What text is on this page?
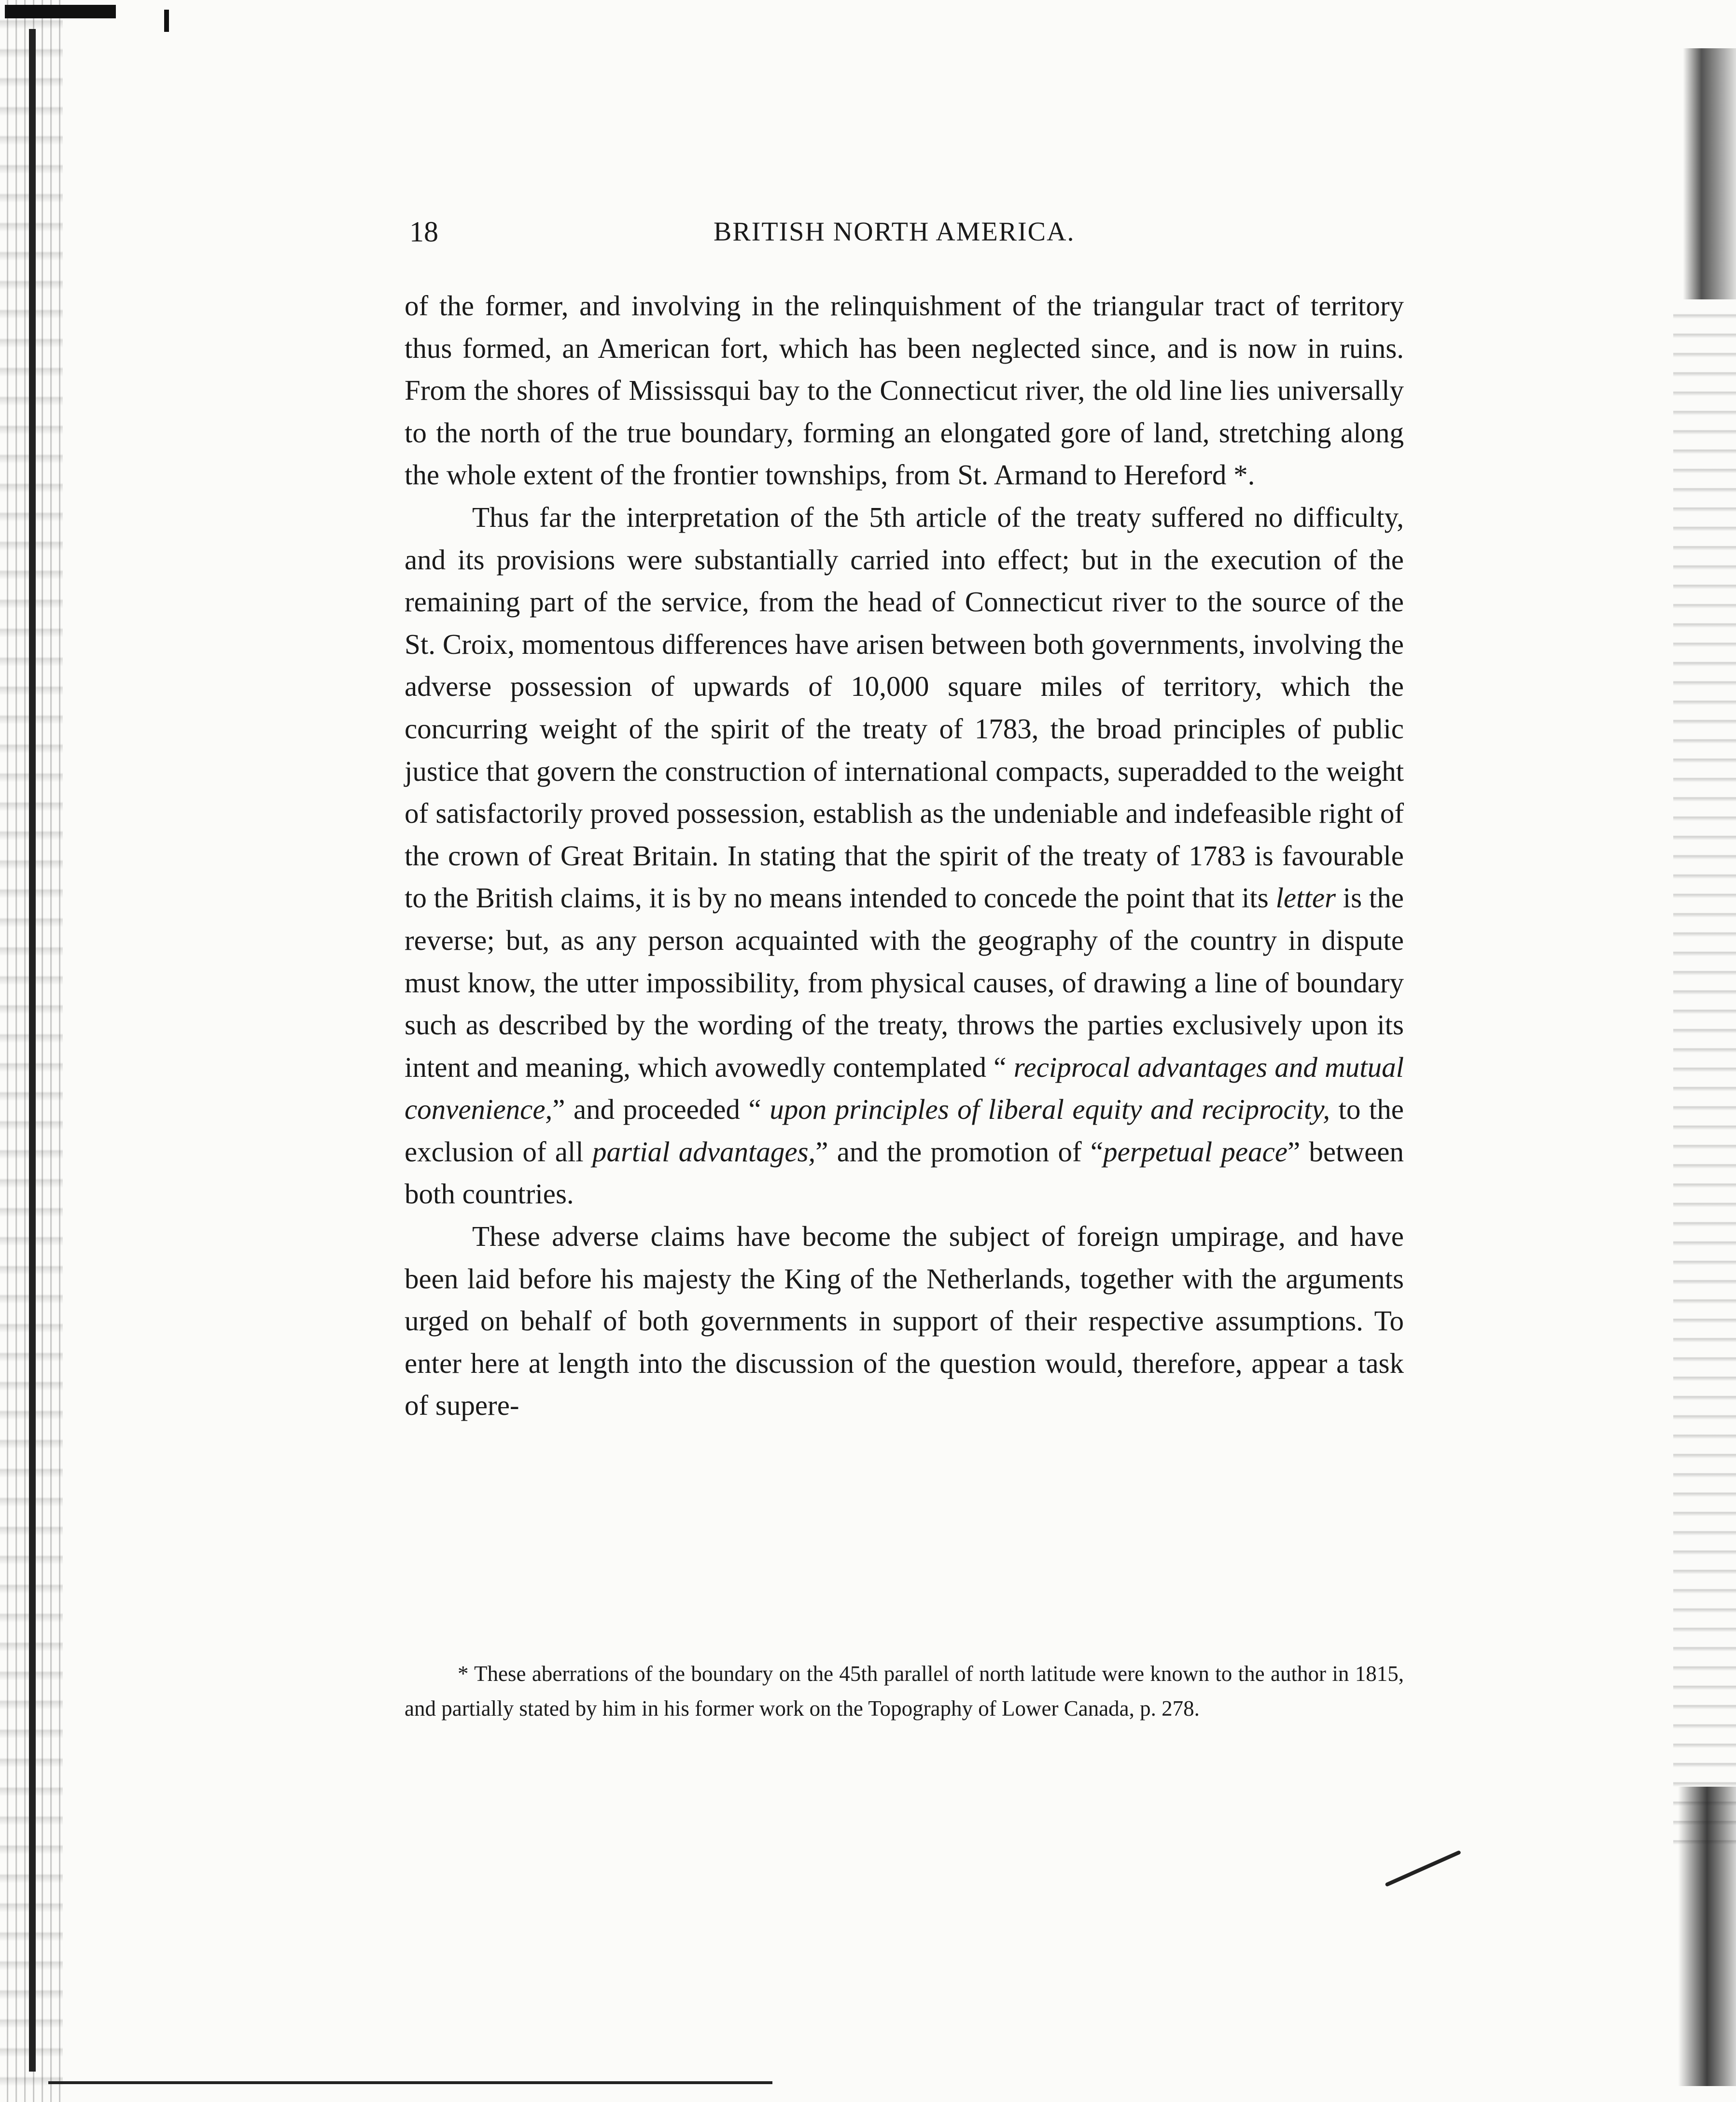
18	BRITISH NORTH AMERICA.

of the former, and involving in the relinquishment of the triangular tract of territory thus formed, an American fort, which has been neglected since, and is now in ruins. From the shores of Mississqui bay to the Connecticut river, the old line lies universally to the north of the true boundary, forming an elongated gore of land, stretching along the whole extent of the frontier townships, from St. Armand to Hereford *.

Thus far the interpretation of the 5th article of the treaty suffered no difficulty, and its provisions were substantially carried into effect; but in the execution of the remaining part of the service, from the head of Connecticut river to the source of the St. Croix, momentous differences have arisen between both governments, involving the adverse possession of upwards of 10,000 square miles of territory, which the concurring weight of the spirit of the treaty of 1783, the broad principles of public justice that govern the construction of international compacts, superadded to the weight of satisfactorily proved possession, establish as the undeniable and indefeasible right of the crown of Great Britain. In stating that the spirit of the treaty of 1783 is favourable to the British claims, it is by no means intended to concede the point that its letter is the reverse; but, as any person acquainted with the geography of the country in dispute must know, the utter impossibility, from physical causes, of drawing a line of boundary such as described by the wording of the treaty, throws the parties exclusively upon its intent and meaning, which avowedly contemplated “ reciprocal advantages and mutual convenience,” and proceeded “ upon principles of liberal equity and reciprocity, to the exclusion of all partial advantages,” and the promotion of “perpetual peace” between both countries.

These adverse claims have become the subject of foreign umpirage, and have been laid before his majesty the King of the Netherlands, together with the arguments urged on behalf of both governments in support of their respective assumptions. To enter here at length into the discussion of the question would, therefore, appear a task of supere-

* These aberrations of the boundary on the 45th parallel of north latitude were known to the author in 1815, and partially stated by him in his former work on the Topography of Lower Canada, p. 278.
